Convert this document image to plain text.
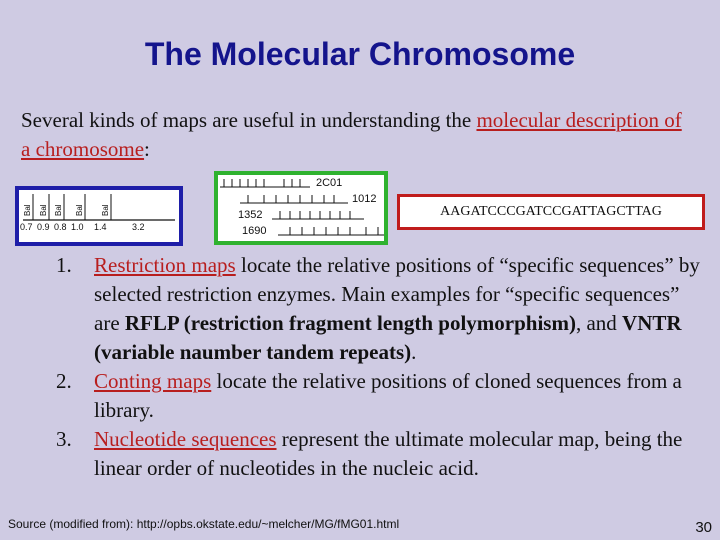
The Molecular Chromosome
Several kinds of maps are useful in understanding the molecular description of a chromosome:
Bal Bal Bal Bal Bal
0.7 0.9 0.8 1.0 1.4	3.2
2C01
1012
1352
1690
AAGATCCCGATCCGATTAGCTTAG
1. Restriction maps locate the relative positions of “specific sequences” by selected restriction enzymes. Main examples for “specific sequences” are RFLP (restriction fragment length polymorphism), and VNTR (variable naumber tandem repeats).
2. Conting maps locate the relative positions of cloned sequences from a library.
3. Nucleotide sequences represent the ultimate molecular map, being the linear order of nucleotides in the nucleic acid.
Source (modified from): http://opbs.okstate.edu/~melcher/MG/fMG01.html	30
